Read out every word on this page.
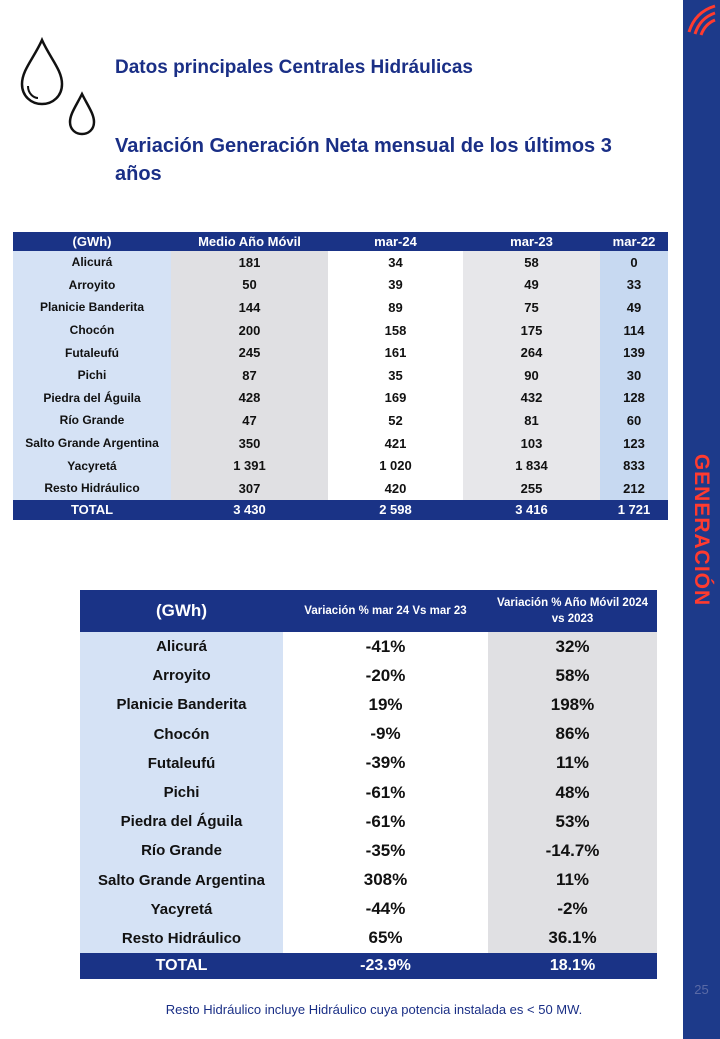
GENERACIÓN
25
Datos principales Centrales Hidráulicas
Variación Generación Neta mensual de los últimos 3 años
(GWh)	Medio Año Móvil	mar-24	mar-23	mar-22
Alicurá	181	34	58	0
Arroyito	50	39	49	33
Planicie Banderita	144	89	75	49
Chocón	200	158	175	114
Futaleufú	245	161	264	139
Pichi	87	35	90	30
Piedra del Águila	428	169	432	128
Río Grande	47	52	81	60
Salto Grande Argentina	350	421	103	123
Yacyretá	1 391	1 020	1 834	833
Resto Hidráulico	307	420	255	212
TOTAL	3 430	2 598	3 416	1 721
(GWh)	Variación % mar 24 Vs mar 23	Variación % Año Móvil 2024 vs 2023
Alicurá	-41%	32%
Arroyito	-20%	58%
Planicie Banderita	19%	198%
Chocón	-9%	86%
Futaleufú	-39%	11%
Pichi	-61%	48%
Piedra del Águila	-61%	53%
Río Grande	-35%	-14.7%
Salto Grande Argentina	308%	11%
Yacyretá	-44%	-2%
Resto Hidráulico	65%	36.1%
TOTAL	-23.9%	18.1%
Resto Hidráulico incluye Hidráulico cuya potencia instalada es < 50 MW.
